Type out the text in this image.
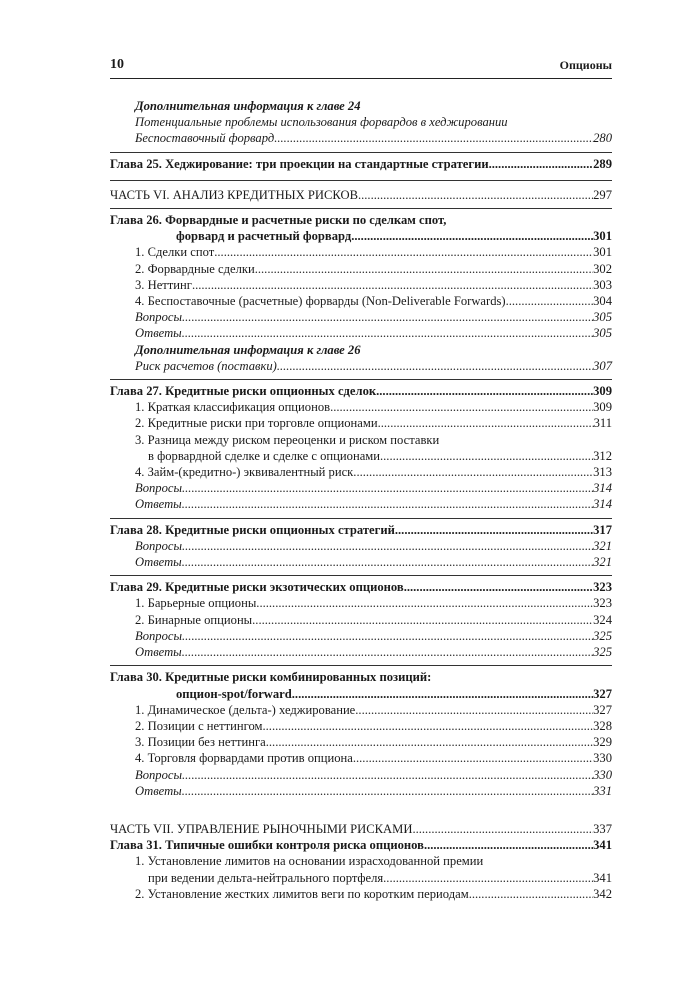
10	Опционы
Дополнительная информация к главе 24
Потенциальные проблемы использования форвардов в хеджировании
Беспоставочный форвард .....	280
Глава 25. Хеджирование: три проекции на стандартные стратегии .....	289
ЧАСТЬ VI. АНАЛИЗ КРЕДИТНЫХ РИСКОВ .....	297
Глава 26. Форвардные и расчетные риски по сделкам спот,
форвард и расчетный форвард .....	301
1. Сделки спот .....	301
2. Форвардные сделки .....	302
3. Неттинг .....	303
4. Беспоставочные (расчетные) форварды (Non-Deliverable Forwards) .....	304
Вопросы .....	305
Ответы .....	305
Дополнительная информация к главе 26
Риск расчетов (поставки) .....	307
Глава 27. Кредитные риски опционных сделок .....	309
1. Краткая классификация опционов .....	309
2. Кредитные риски при торговле опционами .....	311
3. Разница между риском переоценки и риском поставки
в форвардной сделке и сделке с опционами .....	312
4. Займ-(кредитно-) эквивалентный риск .....	313
Вопросы .....	314
Ответы .....	314
Глава 28. Кредитные риски опционных стратегий .....	317
Вопросы .....	321
Ответы .....	321
Глава 29. Кредитные риски экзотических опционов .....	323
1. Барьерные опционы .....	323
2. Бинарные опционы .....	324
Вопросы .....	325
Ответы .....	325
Глава 30. Кредитные риски комбинированных позиций:
опцион-spot/forward .....	327
1. Динамическое (дельта-) хеджирование .....	327
2. Позиции с неттингом .....	328
3. Позиции без неттинга .....	329
4. Торговля форвардами против опциона .....	330
Вопросы .....	330
Ответы .....	331
ЧАСТЬ VII. УПРАВЛЕНИЕ РЫНОЧНЫМИ РИСКАМИ .....	337
Глава 31. Типичные ошибки контроля риска опционов .....	341
1. Установление лимитов на основании израсходованной премии
при ведении дельта-нейтрального портфеля .....	341
2. Установление жестких лимитов веги по коротким периодам .....	342
